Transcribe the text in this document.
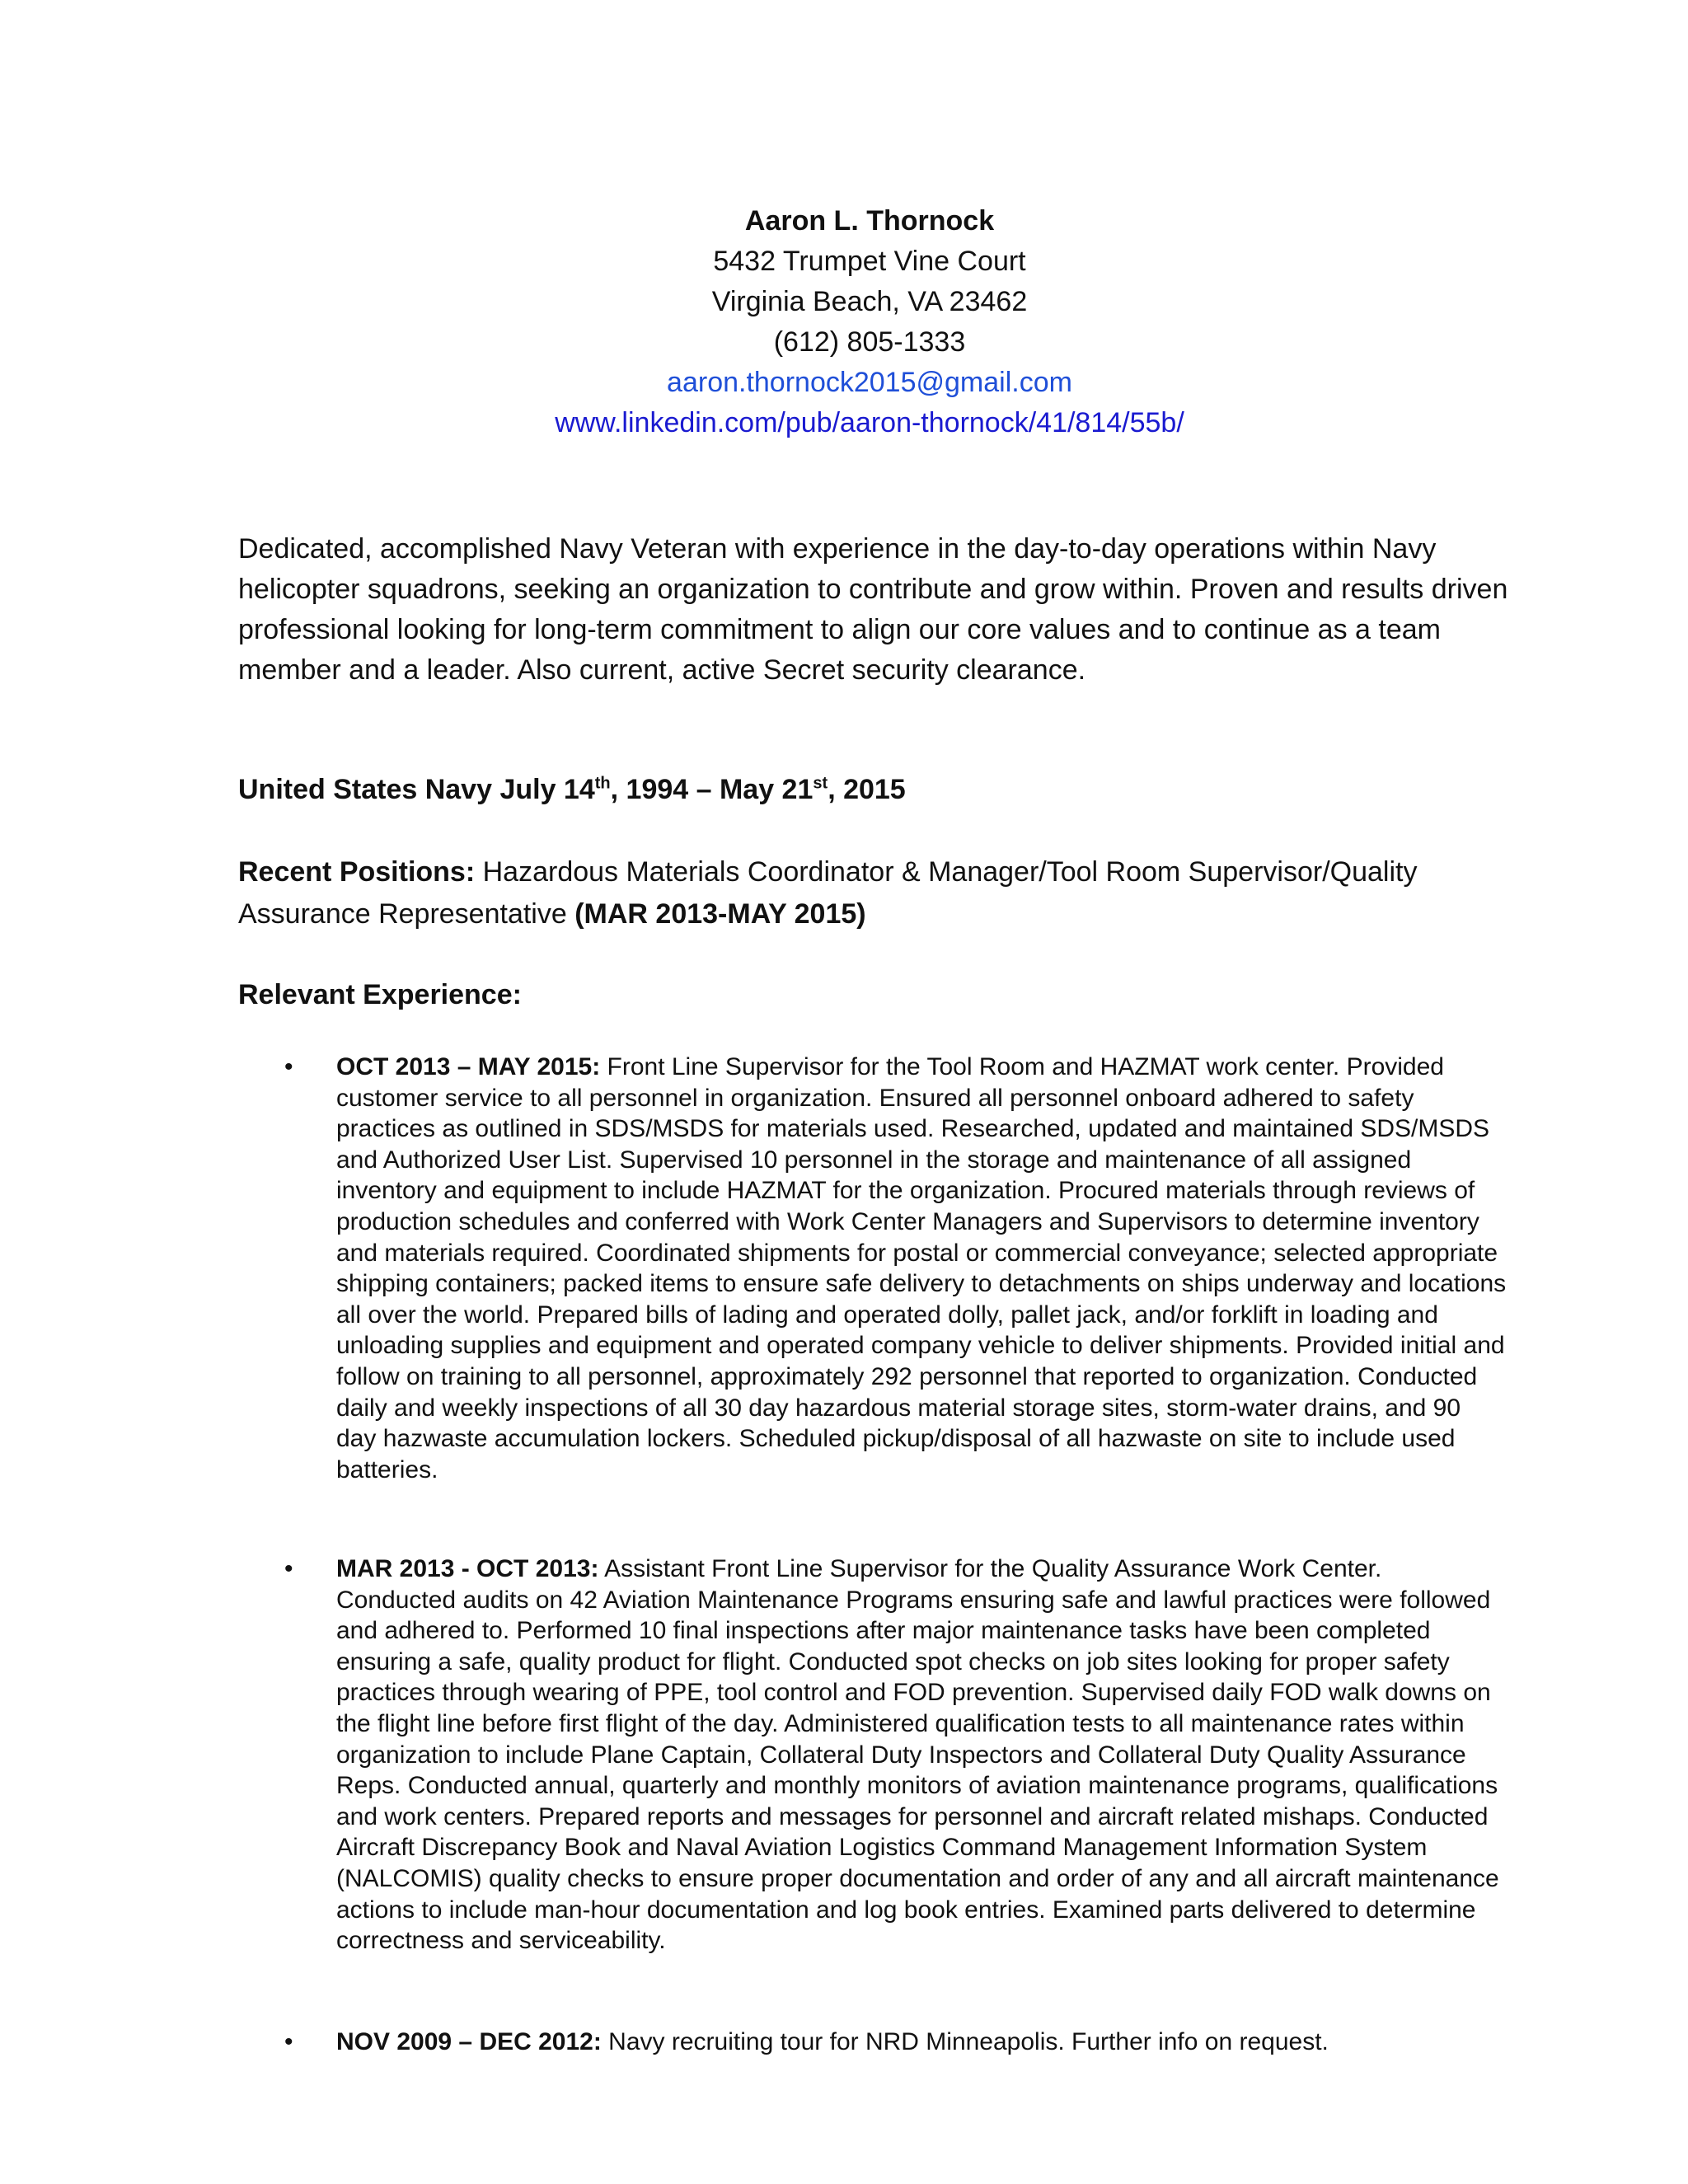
Aaron L. Thornock
5432 Trumpet Vine Court
Virginia Beach, VA 23462
(612) 805-1333
aaron.thornock2015@gmail.com
www.linkedin.com/pub/aaron-thornock/41/814/55b/
Dedicated, accomplished Navy Veteran with experience in the day-to-day operations within Navy helicopter squadrons, seeking an organization to contribute and grow within. Proven and results driven professional looking for long-term commitment to align our core values and to continue as a team member and a leader. Also current, active Secret security clearance.
United States Navy July 14th, 1994 – May 21st, 2015
Recent Positions: Hazardous Materials Coordinator & Manager/Tool Room Supervisor/Quality Assurance Representative (MAR 2013-MAY 2015)
Relevant Experience:
• OCT 2013 – MAY 2015: Front Line Supervisor for the Tool Room and HAZMAT work center. Provided customer service to all personnel in organization. Ensured all personnel onboard adhered to safety practices as outlined in SDS/MSDS for materials used. Researched, updated and maintained SDS/MSDS and Authorized User List. Supervised 10 personnel in the storage and maintenance of all assigned inventory and equipment to include HAZMAT for the organization. Procured materials through reviews of production schedules and conferred with Work Center Managers and Supervisors to determine inventory and materials required. Coordinated shipments for postal or commercial conveyance; selected appropriate shipping containers; packed items to ensure safe delivery to detachments on ships underway and locations all over the world. Prepared bills of lading and operated dolly, pallet jack, and/or forklift in loading and unloading supplies and equipment and operated company vehicle to deliver shipments. Provided initial and follow on training to all personnel, approximately 292 personnel that reported to organization. Conducted daily and weekly inspections of all 30 day hazardous material storage sites, storm-water drains, and 90 day hazwaste accumulation lockers. Scheduled pickup/disposal of all hazwaste on site to include used batteries.
• MAR 2013 - OCT 2013: Assistant Front Line Supervisor for the Quality Assurance Work Center. Conducted audits on 42 Aviation Maintenance Programs ensuring safe and lawful practices were followed and adhered to. Performed 10 final inspections after major maintenance tasks have been completed ensuring a safe, quality product for flight. Conducted spot checks on job sites looking for proper safety practices through wearing of PPE, tool control and FOD prevention. Supervised daily FOD walk downs on the flight line before first flight of the day. Administered qualification tests to all maintenance rates within organization to include Plane Captain, Collateral Duty Inspectors and Collateral Duty Quality Assurance Reps. Conducted annual, quarterly and monthly monitors of aviation maintenance programs, qualifications and work centers. Prepared reports and messages for personnel and aircraft related mishaps. Conducted Aircraft Discrepancy Book and Naval Aviation Logistics Command Management Information System (NALCOMIS) quality checks to ensure proper documentation and order of any and all aircraft maintenance actions to include man-hour documentation and log book entries. Examined parts delivered to determine correctness and serviceability.
• NOV 2009 – DEC 2012: Navy recruiting tour for NRD Minneapolis. Further info on request.
